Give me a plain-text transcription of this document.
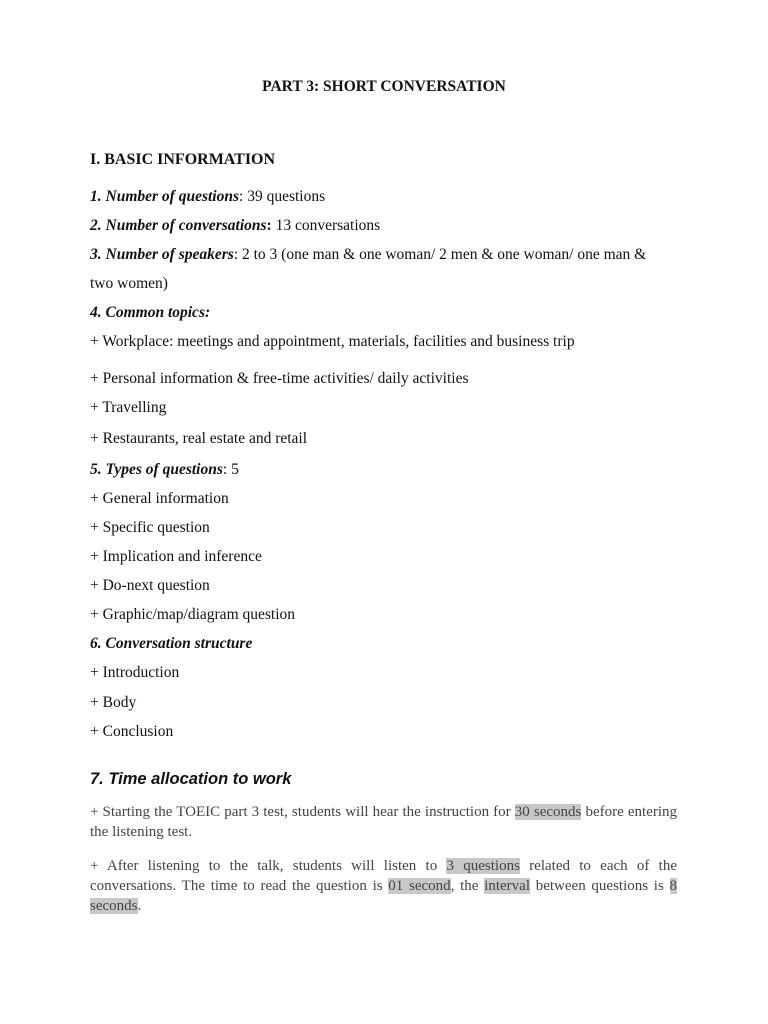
PART 3: SHORT CONVERSATION
I. BASIC INFORMATION
1. Number of questions: 39 questions
2. Number of conversations: 13 conversations
3. Number of speakers: 2 to 3 (one man & one woman/ 2 men & one woman/ one man &
two women)
4. Common topics:
+ Workplace: meetings and appointment, materials, facilities and business trip
+ Personal information & free-time activities/ daily activities
+ Travelling
+ Restaurants, real estate and retail
5. Types of questions: 5
+ General information
+ Specific question
+ Implication and inference
+ Do-next question
+ Graphic/map/diagram question
6. Conversation structure
+ Introduction
+ Body
+ Conclusion
7. Time allocation to work
+ Starting the TOEIC part 3 test, students will hear the instruction for 30 seconds before entering the listening test.
+ After listening to the talk, students will listen to 3 questions related to each of the conversations. The time to read the question is 01 second, the interval between questions is 8 seconds.
